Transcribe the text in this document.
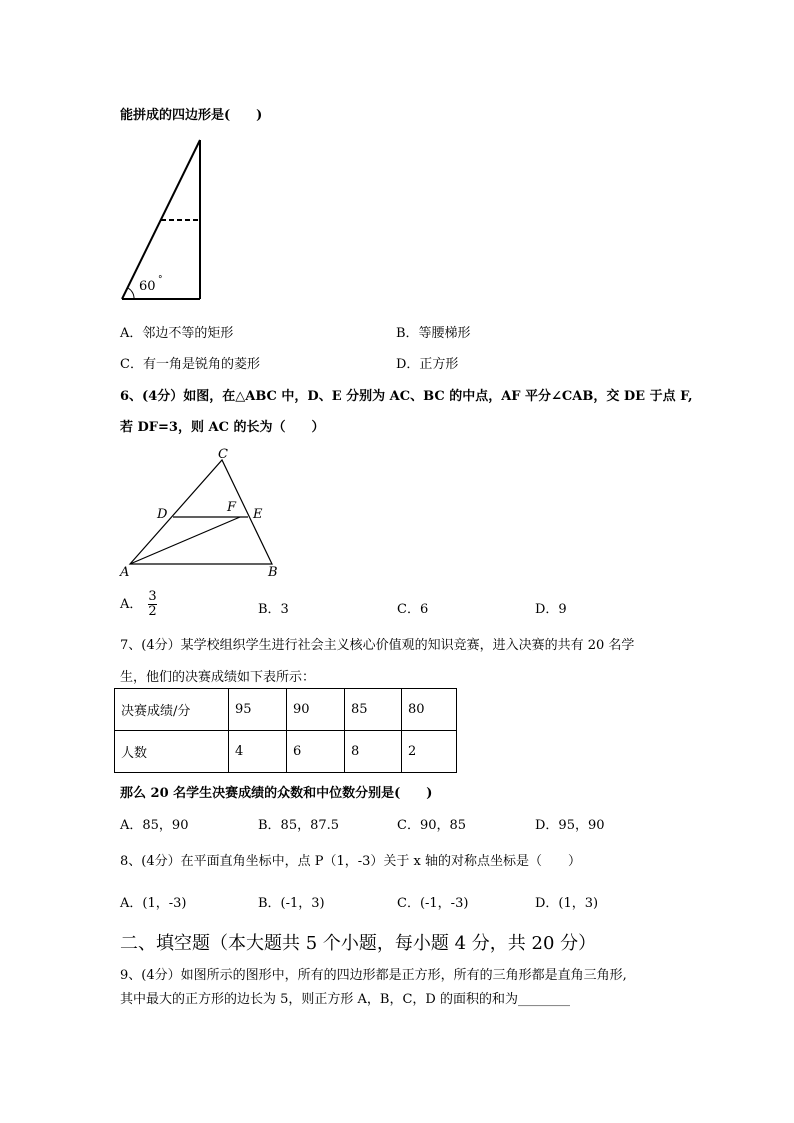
能拼成的四边形是(　　)
60 °
A．邻边不等的矩形	B．等腰梯形
C．有一角是锐角的菱形	D．正方形
6、(4分）如图，在△ABC 中，D、E 分别为 AC、BC 的中点，AF 平分∠CAB，交 DE 于点 F,
若 DF=3，则 AC 的长为（　　）
A	B
C
D	E
F
A． $\frac{3}{2}$	B．3	C．6	D．9
7、(4分）某学校组织学生进行社会主义核心价值观的知识竞赛，进入决赛的共有 20 名学
生，他们的决赛成绩如下表所示：
决赛成绩/分	95	90	85	80
人数	4	6	8	2
那么 20 名学生决赛成绩的众数和中位数分别是(　　)
A．85，90	B．85，87.5	C．90，85	D．95，90
8、(4分）在平面直角坐标中，点 P（1，-3）关于 x 轴的对称点坐标是（　　）
A．(1，-3)	B．(-1，3)	C．(-1，-3)	D．(1，3)
二、填空题（本大题共 5 个小题，每小题 4 分，共 20 分）
9、(4分）如图所示的图形中，所有的四边形都是正方形，所有的三角形都是直角三角形,
其中最大的正方形的边长为 5，则正方形 A，B，C，D 的面积的和为________
